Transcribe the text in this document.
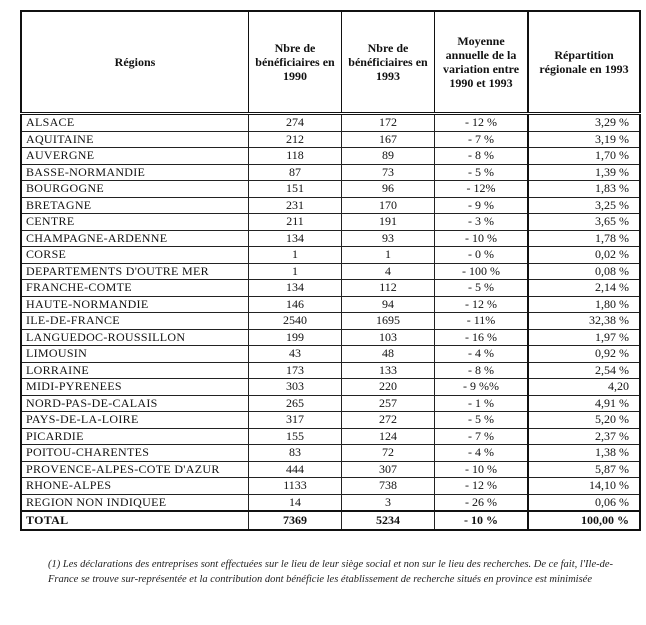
Régions	Nbre de bénéficiaires en 1990	Nbre de bénéficiaires en 1993	Moyenne annuelle de la variation entre 1990 et 1993	Répartition régionale en 1993
ALSACE	274	172	- 12 %	3,29 %
AQUITAINE	212	167	- 7 %	3,19 %
AUVERGNE	118	89	- 8 %	1,70 %
BASSE-NORMANDIE	87	73	- 5 %	1,39 %
BOURGOGNE	151	96	- 12%	1,83 %
BRETAGNE	231	170	- 9 %	3,25 %
CENTRE	211	191	- 3 %	3,65 %
CHAMPAGNE-ARDENNE	134	93	- 10 %	1,78 %
CORSE	1	1	- 0 %	0,02 %
DEPARTEMENTS D'OUTRE MER	1	4	- 100 %	0,08 %
FRANCHE-COMTE	134	112	- 5 %	2,14 %
HAUTE-NORMANDIE	146	94	- 12 %	1,80 %
ILE-DE-FRANCE	2540	1695	- 11%	32,38 %
LANGUEDOC-ROUSSILLON	199	103	- 16 %	1,97 %
LIMOUSIN	43	48	- 4 %	0,92 %
LORRAINE	173	133	- 8 %	2,54 %
MIDI-PYRENEES	303	220	- 9 %%	4,20
NORD-PAS-DE-CALAIS	265	257	- 1 %	4,91 %
PAYS-DE-LA-LOIRE	317	272	- 5 %	5,20 %
PICARDIE	155	124	- 7 %	2,37 %
POITOU-CHARENTES	83	72	- 4 %	1,38 %
PROVENCE-ALPES-COTE D'AZUR	444	307	- 10 %	5,87 %
RHONE-ALPES	1133	738	- 12 %	14,10 %
REGION NON INDIQUEE	14	3	- 26 %	0,06 %
TOTAL	7369	5234	- 10 %	100,00 %
(1) Les déclarations des entreprises sont effectuées sur le lieu de leur siège social et non sur le lieu des recherches. De ce fait, l'Ile-de-France se trouve sur-représentée et la contribution dont bénéficie les établissement de recherche situés en province est minimisée
